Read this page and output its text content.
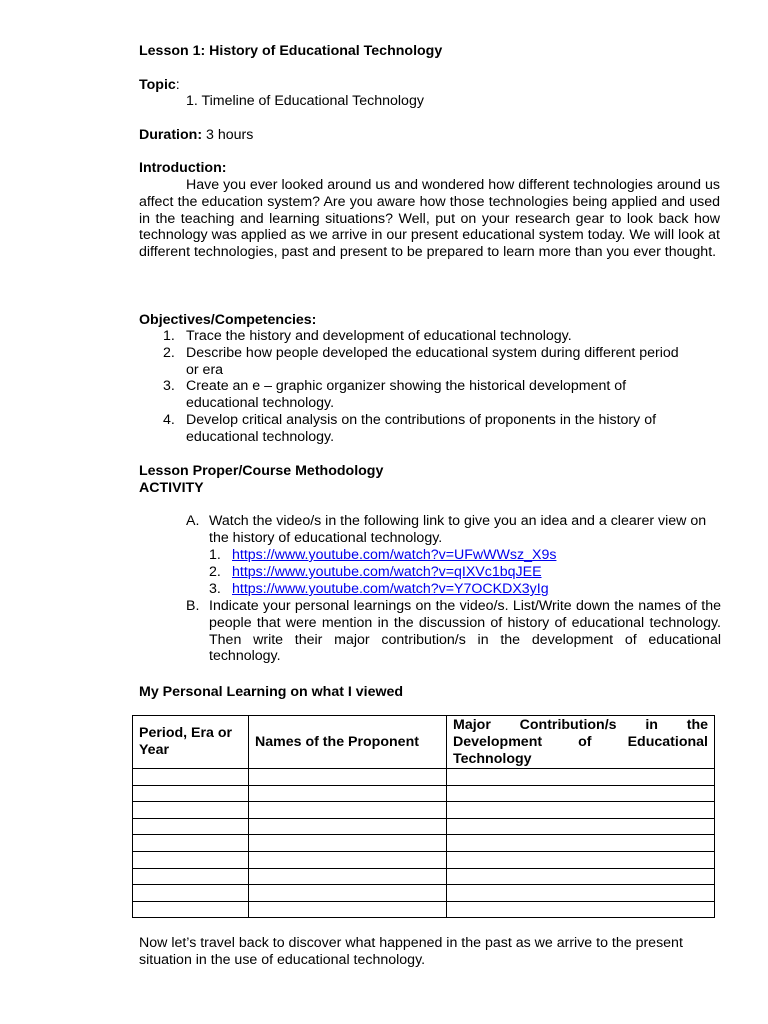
Lesson 1: History of Educational Technology
Topic:
1. Timeline of Educational Technology
Duration: 3 hours
Introduction:
Have you ever looked around us and wondered how different technologies around us affect the education system? Are you aware how those technologies being applied and used in the teaching and learning situations? Well, put on your research gear to look back how technology was applied as we arrive in our present educational system today. We will look at different technologies, past and present to be prepared to learn more than you ever thought.
Objectives/Competencies:
1. Trace the history and development of educational technology.
2. Describe how people developed the educational system during different period or era
3. Create an e – graphic organizer showing the historical development of educational technology.
4. Develop critical analysis on the contributions of proponents in the history of educational technology.
Lesson Proper/Course Methodology
ACTIVITY
A. Watch the video/s in the following link to give you an idea and a clearer view on the history of educational technology.
1. https://www.youtube.com/watch?v=UFwWWsz_X9s
2. https://www.youtube.com/watch?v=qIXVc1bqJEE
3. https://www.youtube.com/watch?v=Y7OCKDX3yIg
B. Indicate your personal learnings on the video/s. List/Write down the names of the people that were mention in the discussion of history of educational technology. Then write their major contribution/s in the development of educational technology.
My Personal Learning on what I viewed
Period, Era or Year	Names of the Proponent	Major Contribution/s in the Development of Educational Technology

Now let’s travel back to discover what happened in the past as we arrive to the present situation in the use of educational technology.
